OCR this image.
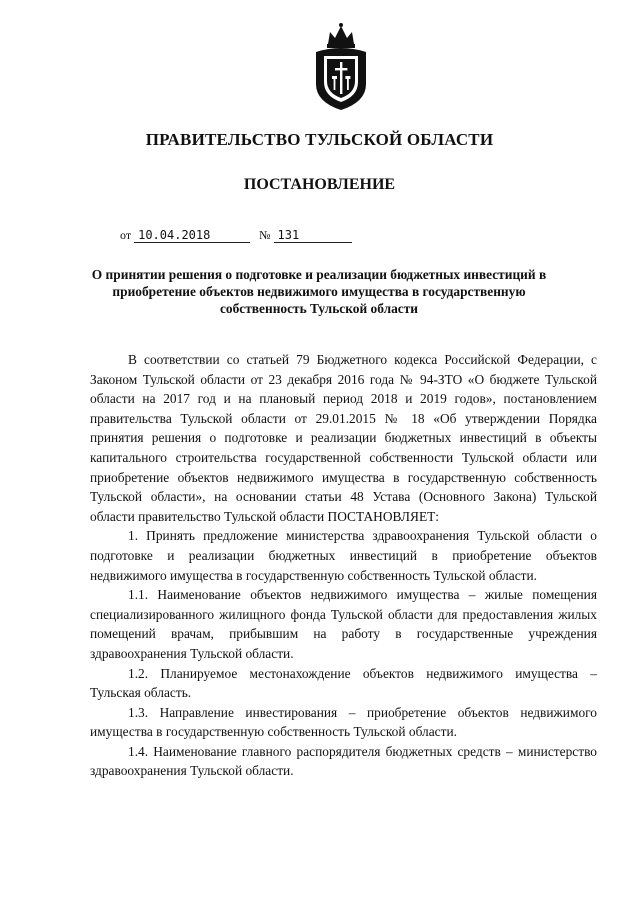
ПРАВИТЕЛЬСТВО ТУЛЬСКОЙ ОБЛАСТИ
ПОСТАНОВЛЕНИЕ
от 10.04.2018	№ 131
О принятии решения о подготовке и реализации бюджетных инвестиций в приобретение объектов недвижимого имущества в государственную собственность Тульской области

В соответствии со статьей 79 Бюджетного кодекса Российской Федерации, с Законом Тульской области от 23 декабря 2016 года № 94-ЗТО «О бюджете Тульской области на 2017 год и на плановый период 2018 и 2019 годов», постановлением правительства Тульской области от 29.01.2015 № 18 «Об утверждении Порядка принятия решения о подготовке и реализации бюджетных инвестиций в объекты капитального строительства государственной собственности Тульской области или приобретение объектов недвижимого имущества в государственную собственность Тульской области», на основании статьи 48 Устава (Основного Закона) Тульской области правительство Тульской области ПОСТАНОВЛЯЕТ:

1. Принять предложение министерства здравоохранения Тульской области о подготовке и реализации бюджетных инвестиций в приобретение объектов недвижимого имущества в государственную собственность Тульской области.

1.1. Наименование объектов недвижимого имущества – жилые помещения специализированного жилищного фонда Тульской области для предоставления жилых помещений врачам, прибывшим на работу в государственные учреждения здравоохранения Тульской области.

1.2. Планируемое местонахождение объектов недвижимого имущества – Тульская область.

1.3. Направление инвестирования – приобретение объектов недвижимого имущества в государственную собственность Тульской области.

1.4. Наименование главного распорядителя бюджетных средств – министерство здравоохранения Тульской области.
